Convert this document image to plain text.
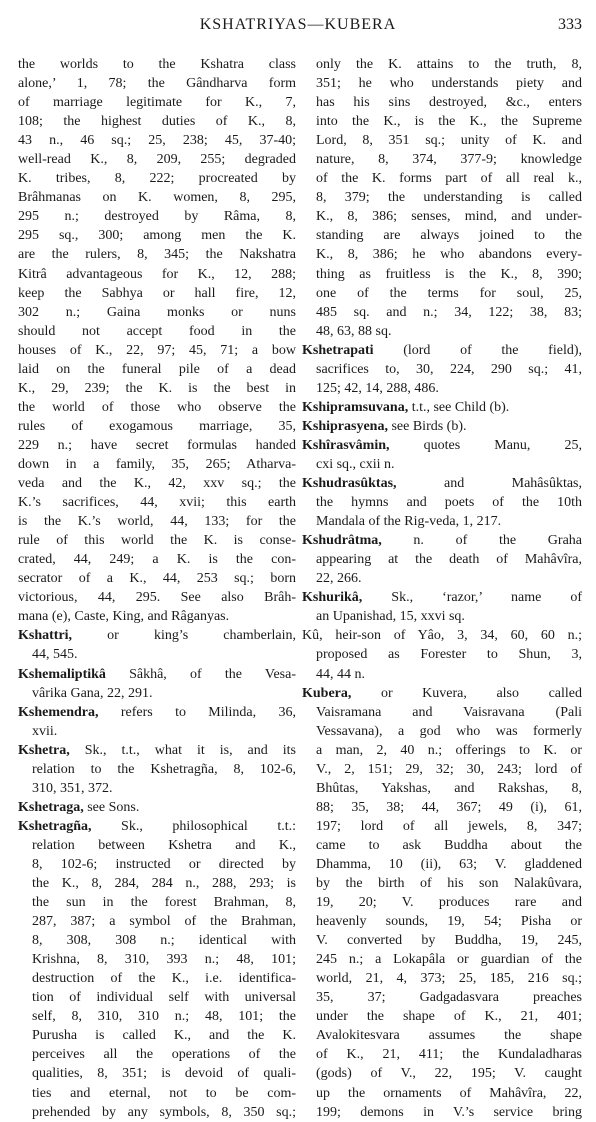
KSHATRIYAS—KUBERA	333
the worlds to the Kshatra class
alone,’ 1, 78; the Gândharva form
of marriage legitimate for K., 7,
108; the highest duties of K., 8,
43 n., 46 sq.; 25, 238; 45, 37-40;
well-read K., 8, 209, 255; degraded
K. tribes, 8, 222; procreated by
Brâhmanas on K. women, 8, 295,
295 n.; destroyed by Râma, 8,
295 sq., 300; among men the K.
are the rulers, 8, 345; the Nakshatra
Kitrâ advantageous for K., 12, 288;
keep the Sabhya or hall fire, 12,
302 n.; Gaina monks or nuns
should not accept food in the
houses of K., 22, 97; 45, 71; a bow
laid on the funeral pile of a dead
K., 29, 239; the K. is the best in
the world of those who observe the
rules of exogamous marriage, 35,
229 n.; have secret formulas handed
down in a family, 35, 265; Atharva-
veda and the K., 42, xxv sq.; the
K.’s sacrifices, 44, xvii; this earth
is the K.’s world, 44, 133; for the
rule of this world the K. is conse-
crated, 44, 249; a K. is the con-
secrator of a K., 44, 253 sq.; born
victorious, 44, 295. See also Brâh-
mana (e), Caste, King, and Râganyas.
Kshattri, or king’s chamberlain,
44, 545.
Kshemaliptikâ Sâkhâ, of the Vesa-
vârika Gana, 22, 291.
Kshemendra, refers to Milinda, 36,
xvii.
Kshetra, Sk., t.t., what it is, and its
relation to the Kshetragña, 8, 102-6,
310, 351, 372.
Kshetraga, see Sons.
Kshetragña, Sk., philosophical t.t.:
relation between Kshetra and K.,
8, 102-6; instructed or directed by
the K., 8, 284, 284 n., 288, 293; is
the sun in the forest Brahman, 8,
287, 387; a symbol of the Brahman,
8, 308, 308 n.; identical with
Krishna, 8, 310, 393 n.; 48, 101;
destruction of the K., i.e. identifica-
tion of individual self with universal
self, 8, 310, 310 n.; 48, 101; the
Purusha is called K., and the K.
perceives all the operations of the
qualities, 8, 351; is devoid of quali-
ties and eternal, not to be com-
prehended by any symbols, 8, 350 sq.;
only the K. attains to the truth, 8,
351; he who understands piety and
has his sins destroyed, &c., enters
into the K., is the K., the Supreme
Lord, 8, 351 sq.; unity of K. and
nature, 8, 374, 377-9; knowledge
of the K. forms part of all real k.,
8, 379; the understanding is called
K., 8, 386; senses, mind, and under-
standing are always joined to the
K., 8, 386; he who abandons every-
thing as fruitless is the K., 8, 390;
one of the terms for soul, 25,
485 sq. and n.; 34, 122; 38, 83;
48, 63, 88 sq.
Kshetrapati (lord of the field),
sacrifices to, 30, 224, 290 sq.; 41,
125; 42, 14, 288, 486.
Kshipramsuvana, t.t., see Child (b).
Kshiprasyena, see Birds (b).
Kshîrasvâmin, quotes Manu, 25,
cxi sq., cxii n.
Kshudrasûktas, and Mahâsûktas,
the hymns and poets of the 10th
Mandala of the Rig-veda, 1, 217.
Kshudrâtma, n. of the Graha
appearing at the death of Mahâvîra,
22, 266.
Kshurikâ, Sk., ‘razor,’ name of
an Upanishad, 15, xxvi sq.
Kû, heir-son of Yâo, 3, 34, 60, 60 n.;
proposed as Forester to Shun, 3,
44, 44 n.
Kubera, or Kuvera, also called
Vaisramana and Vaisravana (Pali
Vessavana), a god who was formerly
a man, 2, 40 n.; offerings to K. or
V., 2, 151; 29, 32; 30, 243; lord of
Bhûtas, Yakshas, and Rakshas, 8,
88; 35, 38; 44, 367; 49 (i), 61,
197; lord of all jewels, 8, 347;
came to ask Buddha about the
Dhamma, 10 (ii), 63; V. gladdened
by the birth of his son Nalakûvara,
19, 20; V. produces rare and
heavenly sounds, 19, 54; Pisha or
V. converted by Buddha, 19, 245,
245 n.; a Lokapâla or guardian of the
world, 21, 4, 373; 25, 185, 216 sq.;
35, 37; Gadgadasvara preaches
under the shape of K., 21, 401;
Avalokitesvara assumes the shape
of K., 21, 411; the Kundaladharas
(gods) of V., 22, 195; V. caught
up the ornaments of Mahâvîra, 22,
199; demons in V.’s service bring
